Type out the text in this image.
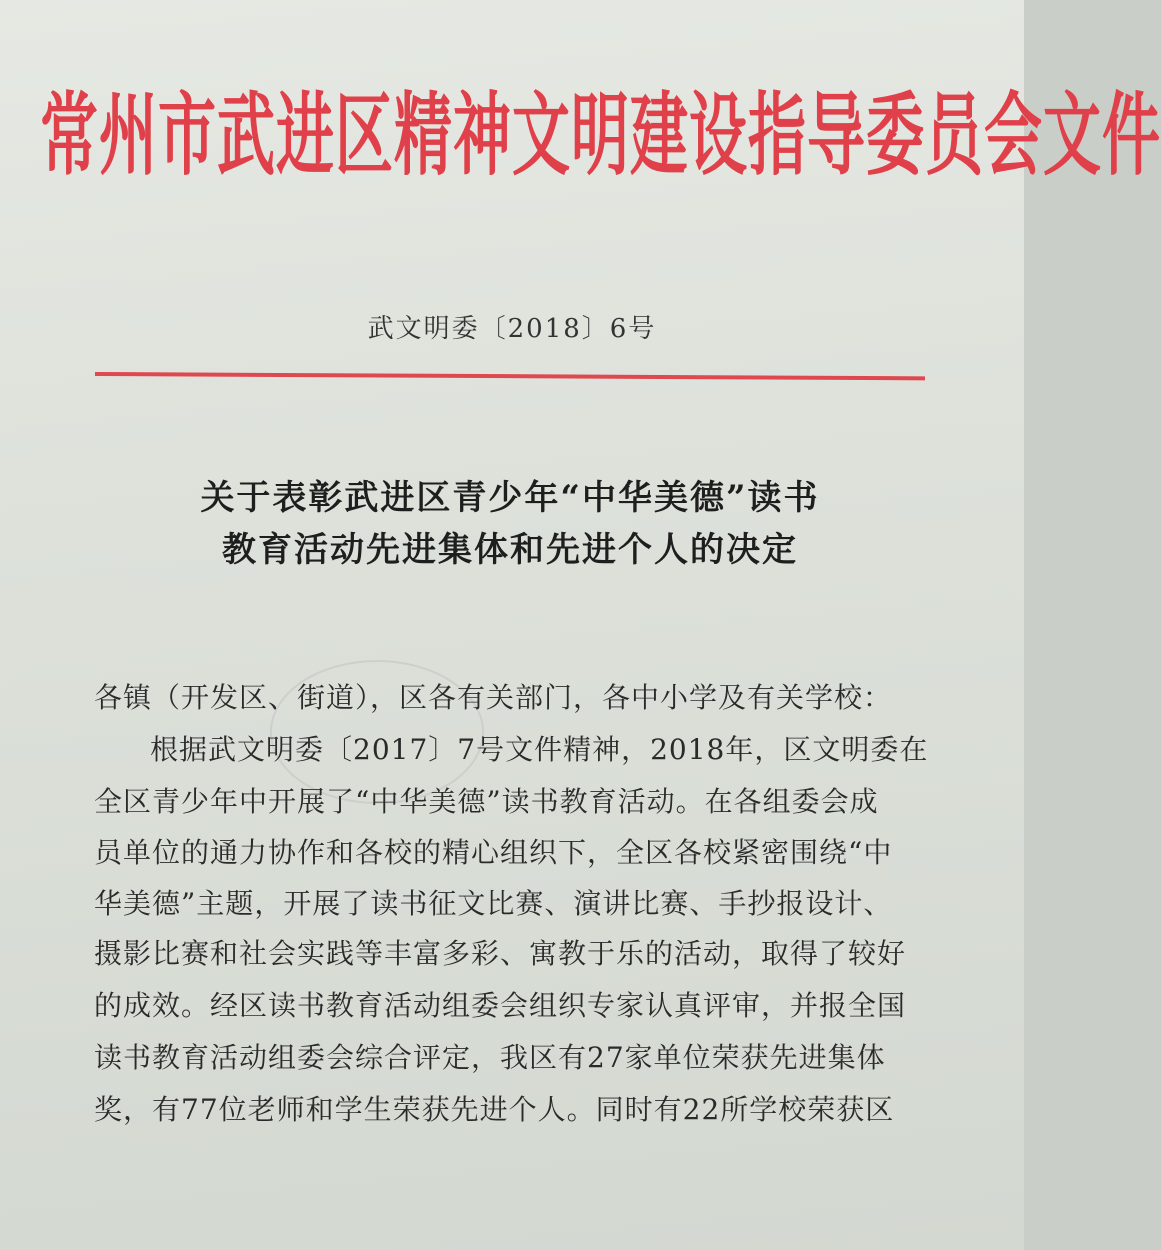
常州市武进区精神文明建设指导委员会文件
武文明委〔2018〕6号
关于表彰武进区青少年“中华美德”读书
教育活动先进集体和先进个人的决定
各镇（开发区、街道），区各有关部门，各中小学及有关学校：
根据武文明委〔2017〕7号文件精神，2018年，区文明委在
全区青少年中开展了“中华美德”读书教育活动。在各组委会成
员单位的通力协作和各校的精心组织下，全区各校紧密围绕“中
华美德”主题，开展了读书征文比赛、演讲比赛、手抄报设计、
摄影比赛和社会实践等丰富多彩、寓教于乐的活动，取得了较好
的成效。经区读书教育活动组委会组织专家认真评审，并报全国
读书教育活动组委会综合评定，我区有27家单位荣获先进集体
奖，有77位老师和学生荣获先进个人。同时有22所学校荣获区
